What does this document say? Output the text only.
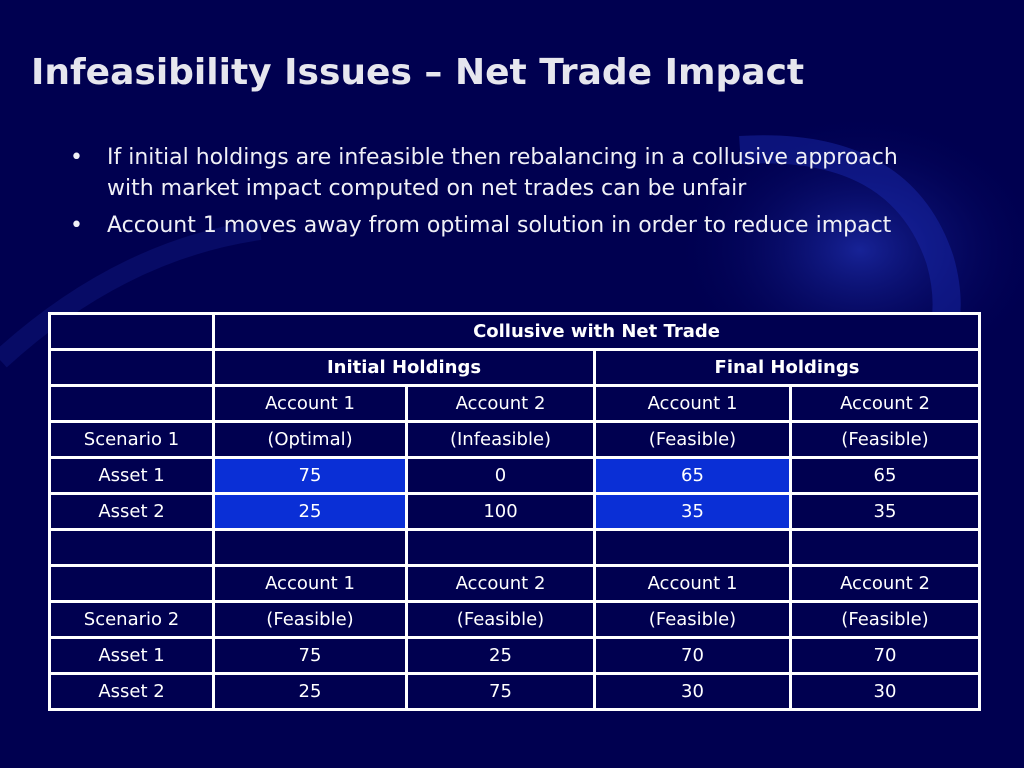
Infeasibility Issues – Net Trade Impact
• If initial holdings are infeasible then rebalancing in a collusive approach with market impact computed on net trades can be unfair
• Account 1 moves away from optimal solution in order to reduce impact
	Collusive with Net Trade			
	Initial Holdings		Final Holdings	
	Account 1	Account 2	Account 1	Account 2
Scenario 1	(Optimal)	(Infeasible)	(Feasible)	(Feasible)
Asset 1	75	0	65	65
Asset 2	25	100	35	35

	Account 1	Account 2	Account 1	Account 2
Scenario 2	(Feasible)	(Feasible)	(Feasible)	(Feasible)
Asset 1	75	25	70	70
Asset 2	25	75	30	30
